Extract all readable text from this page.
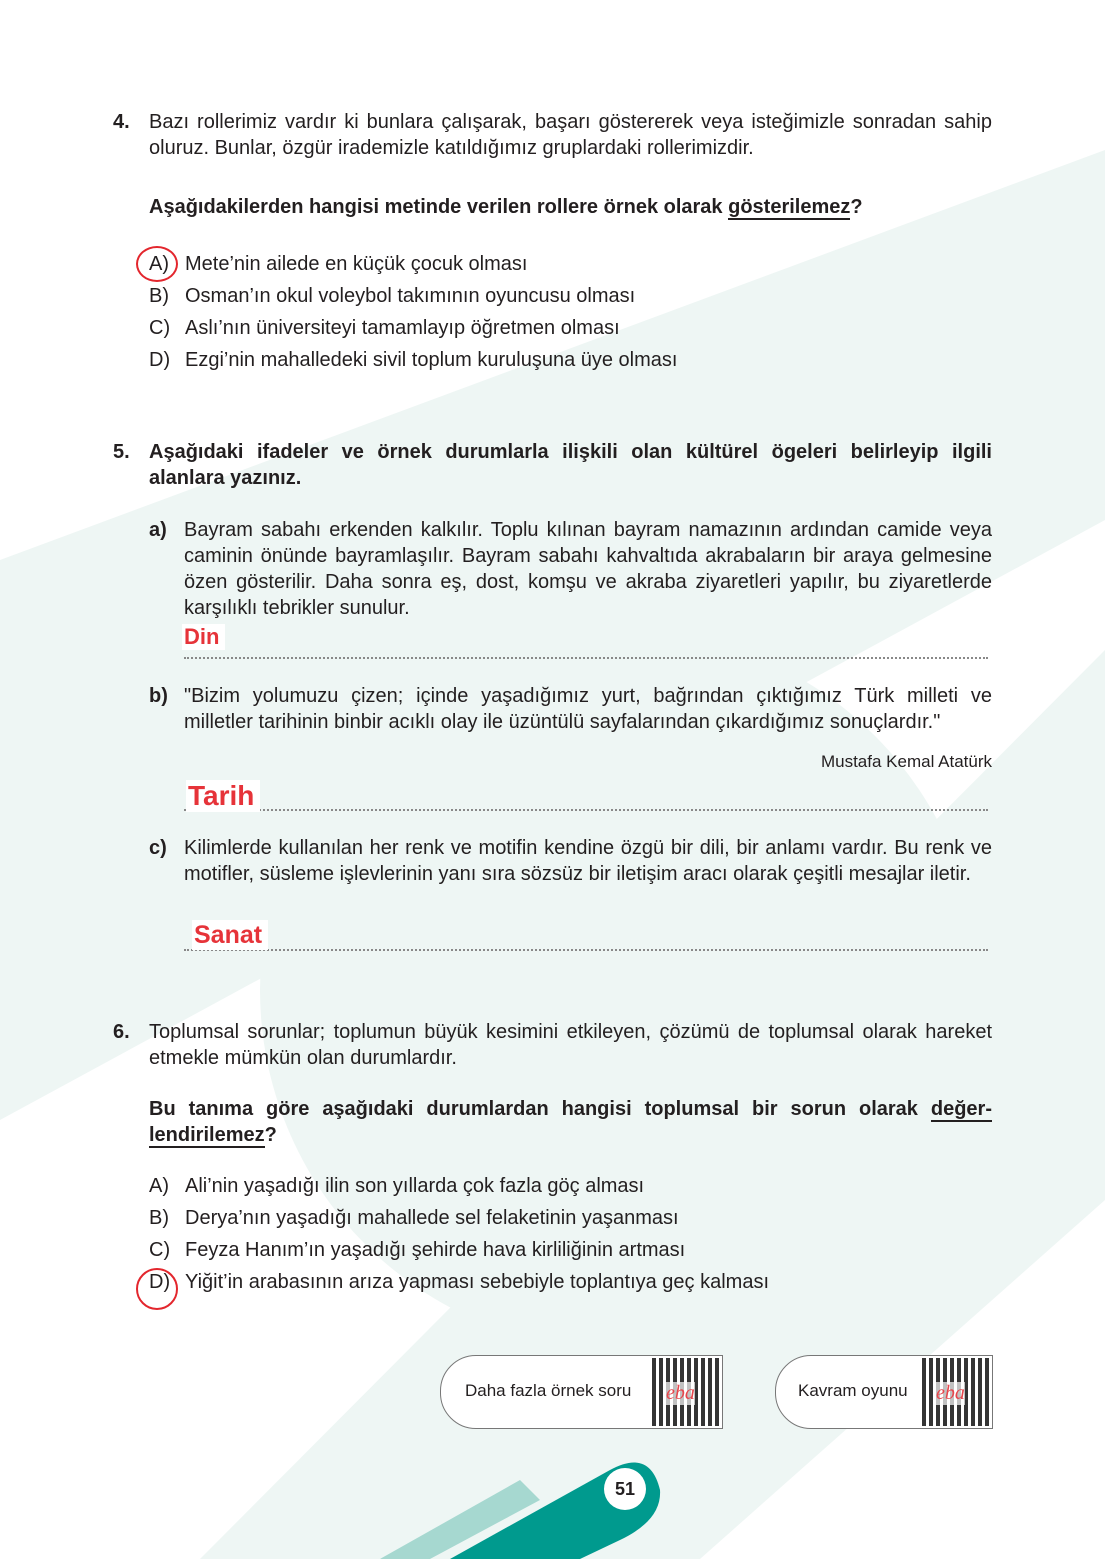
4. Bazı rollerimiz vardır ki bunlara çalışarak, başarı göstererek veya isteğimizle sonradan sahip oluruz. Bunlar, özgür irademizle katıldığımız gruplardaki rollerimizdir.
Aşağıdakilerden hangisi metinde verilen rollere örnek olarak gösterilemez?
A) Mete’nin ailede en küçük çocuk olması
B) Osman’ın okul voleybol takımının oyuncusu olması
C) Aslı’nın üniversiteyi tamamlayıp öğretmen olması
D) Ezgi’nin mahalledeki sivil toplum kuruluşuna üye olması
5. Aşağıdaki ifadeler ve örnek durumlarla ilişkili olan kültürel ögeleri belirleyip ilgili alanlara yazınız.
a) Bayram sabahı erkenden kalkılır. Toplu kılınan bayram namazının ardından camide veya caminin önünde bayramlaşılır. Bayram sabahı kahvaltıda akrabaların bir araya gelmesine özen gösterilir. Daha sonra eş, dost, komşu ve akraba ziyaretleri yapılır, bu ziyaretlerde karşılıklı tebrikler sunulur.
Din
b) "Bizim yolumuzu çizen; içinde yaşadığımız yurt, bağrından çıktığımız Türk milleti ve milletler tarihinin binbir acıklı olay ile üzüntülü sayfalarından çıkardığımız sonuçlardır."
Mustafa Kemal Atatürk
Tarih
c) Kilimlerde kullanılan her renk ve motifin kendine özgü bir dili, bir anlamı vardır. Bu renk ve motifler, süsleme işlevlerinin yanı sıra sözsüz bir iletişim aracı olarak çeşitli mesajlar iletir.
Sanat
6. Toplumsal sorunlar; toplumun büyük kesimini etkileyen, çözümü de toplumsal olarak hareket etmekle mümkün olan durumlardır.
Bu tanıma göre aşağıdaki durumlardan hangisi toplumsal bir sorun olarak değer-lendirilemez?
A) Ali’nin yaşadığı ilin son yıllarda çok fazla göç alması
B) Derya’nın yaşadığı mahallede sel felaketinin yaşanması
C) Feyza Hanım’ın yaşadığı şehirde hava kirliliğinin artması
D) Yiğit’in arabasının arıza yapması sebebiyle toplantıya geç kalması
Daha fazla örnek soru eba	Kavram oyunu eba
51
